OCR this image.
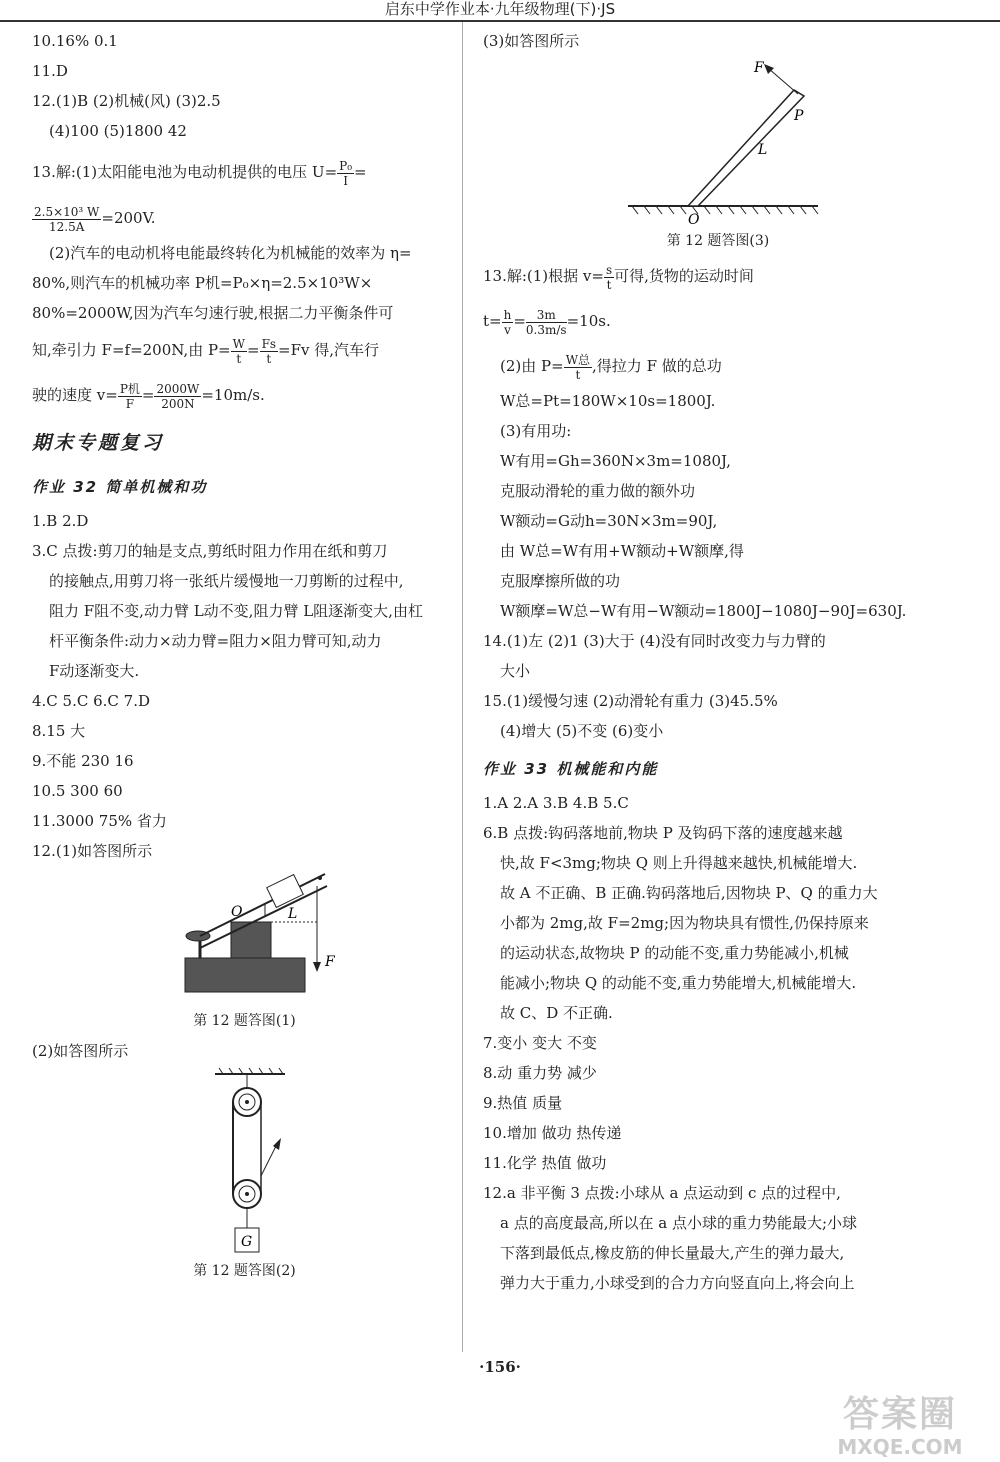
启东中学作业本·九年级物理(下)·JS
10.16% 0.1
11.D
12.(1)B (2)机械(风) (3)2.5
(4)100 (5)1800 42
13.解:(1)太阳能电池为电动机提供的电压 $U= \frac{\text{P₀}}{I}$ =
$\frac{\text{2.5×10³ W}}{12.5A} =200V$.
(2)汽车的电动机将电能最终转化为机械能的效率为 η=
80%,则汽车的机械功率 P机=P₀×η=2.5×10³W×
80%=2000W,因为汽车匀速行驶,根据二力平衡条件可
知,牵引力 F=f=200N,由 $P= \frac{W}{t} = \frac{Fs}{t} =Fv$ 得,汽车行
驶的速度 $v= \frac{\text{P机}}{F} = \frac{2000W}{200N} =10m/s$.
期末专题复习
作业 32 简单机械和功
1.B 2.D
3.C 点拨:剪刀的轴是支点,剪纸时阻力作用在纸和剪刀
的接触点,用剪刀将一张纸片缓慢地一刀剪断的过程中,
阻力 F阻不变,动力臂 L动不变,阻力臂 L阻逐渐变大,由杠
杆平衡条件:动力×动力臂=阻力×阻力臂可知,动力
F动逐渐变大.
4.C 5.C 6.C 7.D
8.15 大
9.不能 230 16
10.5 300 60
11.3000 75% 省力
12.(1)如答图所示
O	L
F
第 12 题答图(1)
(2)如答图所示
G
第 12 题答图(2)
(3)如答图所示
F
P
L
O
第 12 题答图(3)
13.解:(1)根据 $v= \frac{s}{t}$ 可得,货物的运动时间
$t= \frac{h}{v} = \frac{3m}{0.3m/s} =10s$.
(2)由 $P= \frac{\text{W总}}{t}$ ,得拉力 F 做的总功
W总=Pt=180W×10s=1800J.
(3)有用功:
W有用=Gh=360N×3m=1080J,
克服动滑轮的重力做的额外功
W额动=G动h=30N×3m=90J,
由 W总=W有用+W额动+W额摩,得
克服摩擦所做的功
W额摩=W总−W有用−W额动=1800J−1080J−90J=630J.
14.(1)左 (2)1 (3)大于 (4)没有同时改变力与力臂的
大小
15.(1)缓慢匀速 (2)动滑轮有重力 (3)45.5%
(4)增大 (5)不变 (6)变小
作业 33 机械能和内能
1.A 2.A 3.B 4.B 5.C
6.B 点拨:钩码落地前,物块 P 及钩码下落的速度越来越
快,故 F<3mg;物块 Q 则上升得越来越快,机械能增大.
故 A 不正确、B 正确.钩码落地后,因物块 P、Q 的重力大
小都为 2mg,故 F=2mg;因为物块具有惯性,仍保持原来
的运动状态,故物块 P 的动能不变,重力势能减小,机械
能减小;物块 Q 的动能不变,重力势能增大,机械能增大.
故 C、D 不正确.
7.变小 变大 不变
8.动 重力势 减少
9.热值 质量
10.增加 做功 热传递
11.化学 热值 做功
12.a 非平衡 3 点拨:小球从 a 点运动到 c 点的过程中,
a 点的高度最高,所以在 a 点小球的重力势能最大;小球
下落到最低点,橡皮筋的伸长量最大,产生的弹力最大,
弹力大于重力,小球受到的合力方向竖直向上,将会向上
·156·
答案圈
MXQE.COM
